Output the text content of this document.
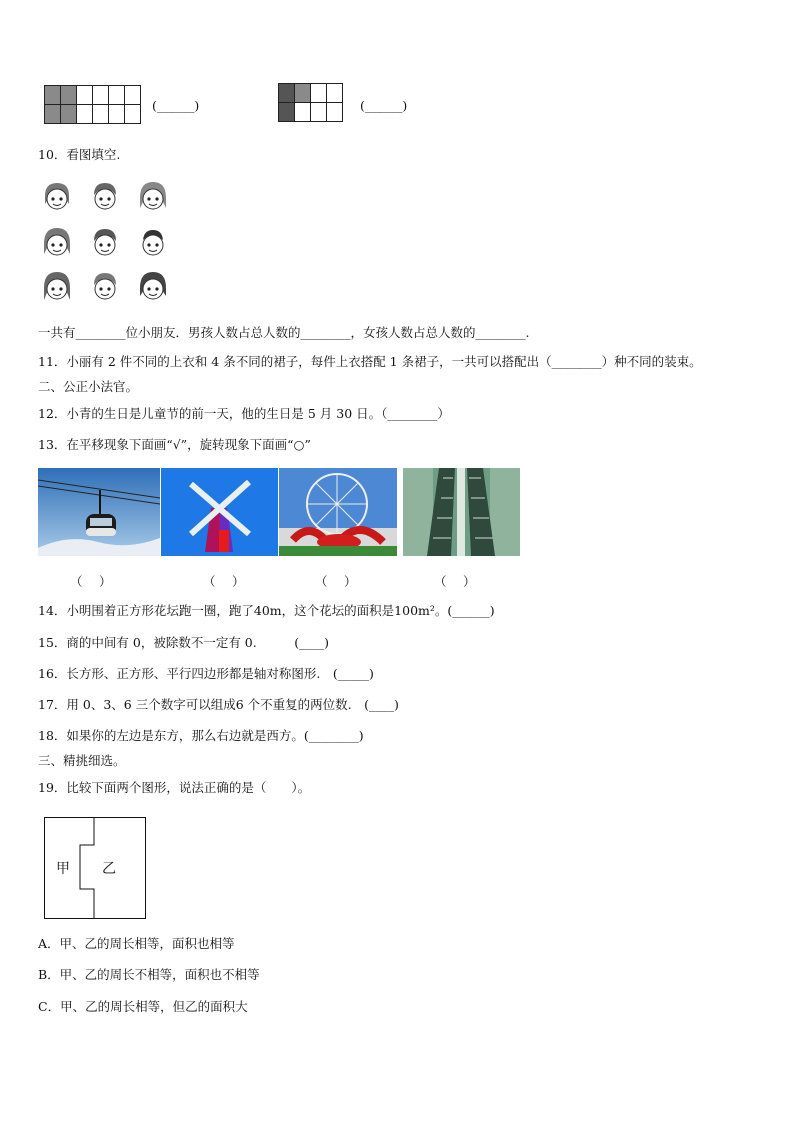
(______)

				(______)
10．看图填空.
一共有________位小朋友．男孩人数占总人数的________，女孩人数占总人数的________.
11．小丽有 2 件不同的上衣和 4 条不同的裙子，每件上衣搭配 1 条裙子，一共可以搭配出（________）种不同的装束。
二、公正小法官。
12．小青的生日是儿童节的前一天，他的生日是 5 月 30 日。（________）
13．在平移现象下面画“√”，旋转现象下面画“○”
（　 ）	（　 ）	（　 ）	（　 ）
14．小明围着正方形花坛跑一圈，跑了40m，这个花坛的面积是100m²。(______)
15．商的中间有 0，被除数不一定有 0.　　　(____)
16．长方形、正方形、平行四边形都是轴对称图形.　(_____)
17．用 0、3、6 三个数字可以组成6 个不重复的两位数.　(____)
18．如果你的左边是东方，那么右边就是西方。(________)
三、精挑细选。
19．比较下面两个图形，说法正确的是（　　）。
甲 乙
A．甲、乙的周长相等，面积也相等
B．甲、乙的周长不相等，面积也不相等
C．甲、乙的周长相等，但乙的面积大
